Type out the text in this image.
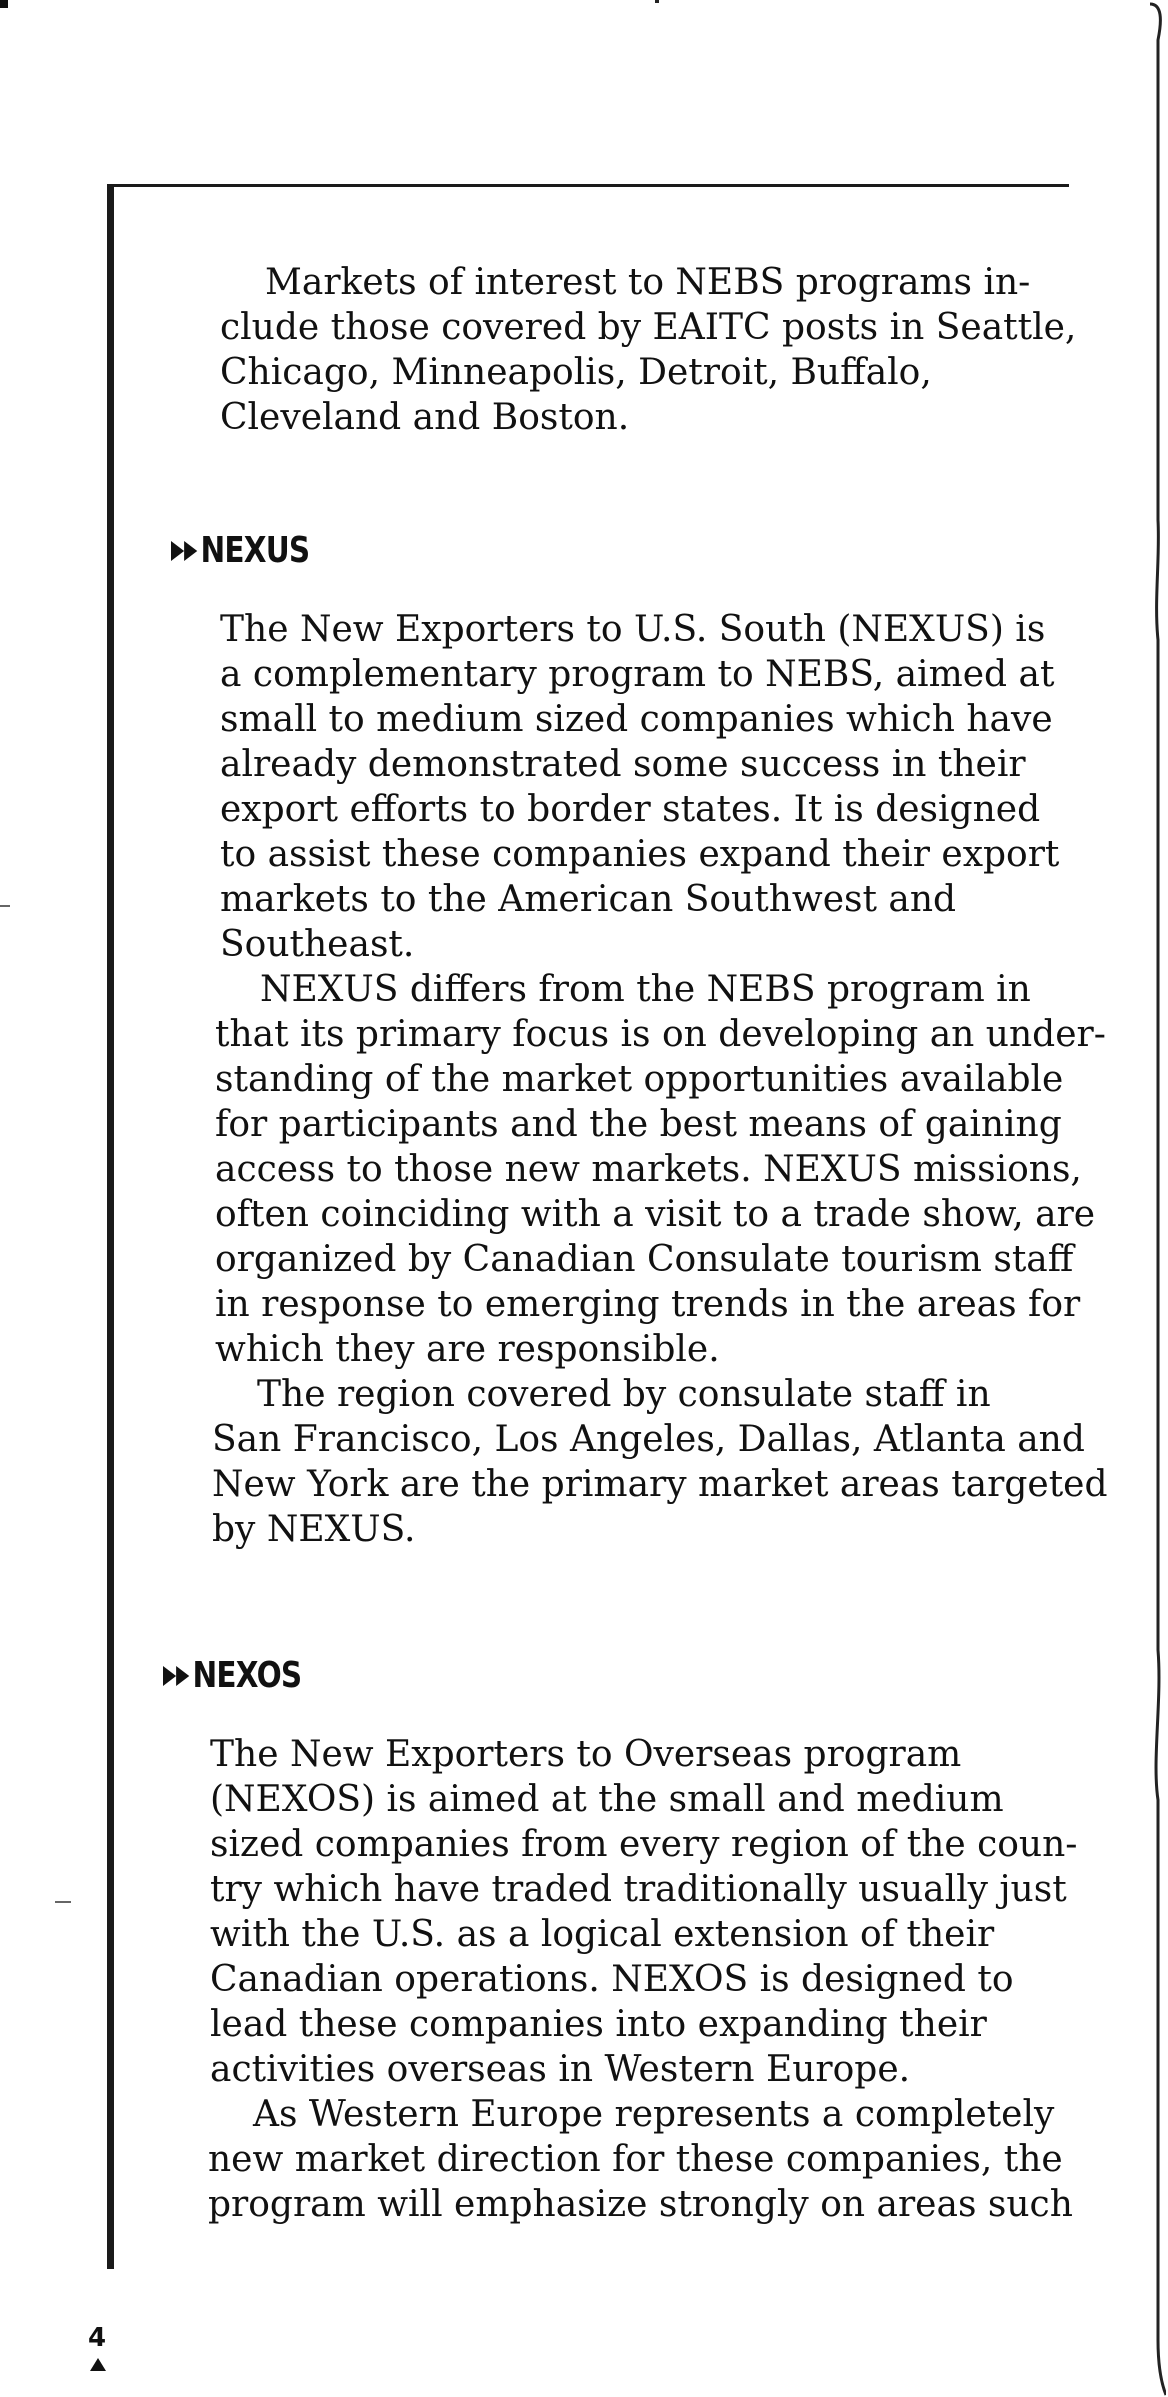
Markets of interest to NEBS programs in-
clude those covered by EAITC posts in Seattle,
Chicago, Minneapolis, Detroit, Buffalo,
Cleveland and Boston.
NEXUS
The New Exporters to U.S. South (NEXUS) is
a complementary program to NEBS, aimed at
small to medium sized companies which have
already demonstrated some success in their
export efforts to border states. It is designed
to assist these companies expand their export
markets to the American Southwest and
Southeast.
NEXUS differs from the NEBS program in
that its primary focus is on developing an under-
standing of the market opportunities available
for participants and the best means of gaining
access to those new markets. NEXUS missions,
often coinciding with a visit to a trade show, are
organized by Canadian Consulate tourism staff
in response to emerging trends in the areas for
which they are responsible.
The region covered by consulate staff in
San Francisco, Los Angeles, Dallas, Atlanta and
New York are the primary market areas targeted
by NEXUS.
NEXOS
The New Exporters to Overseas program
(NEXOS) is aimed at the small and medium
sized companies from every region of the coun-
try which have traded traditionally usually just
with the U.S. as a logical extension of their
Canadian operations. NEXOS is designed to
lead these companies into expanding their
activities overseas in Western Europe.
As Western Europe represents a completely
new market direction for these companies, the
program will emphasize strongly on areas such
4
